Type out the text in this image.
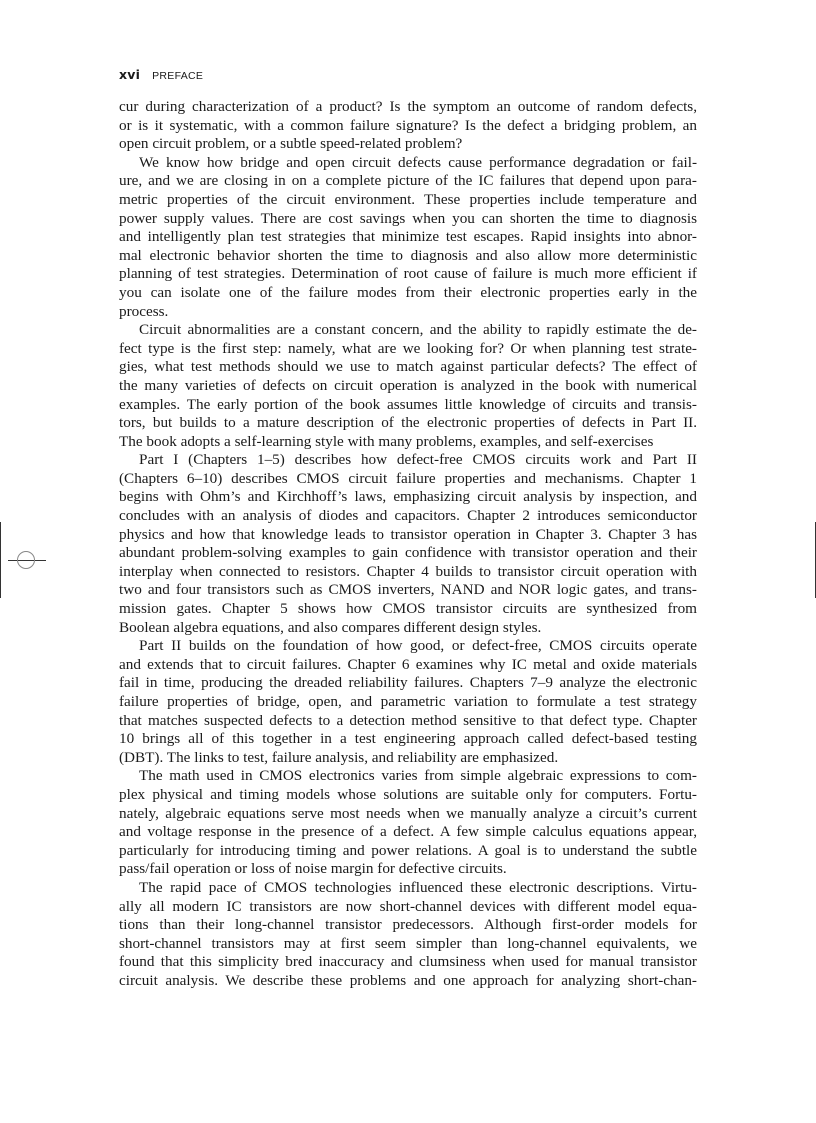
xvi PREFACE
cur during characterization of a product? Is the symptom an outcome of random defects,
or is it systematic, with a common failure signature? Is the defect a bridging problem, an
open circuit problem, or a subtle speed-related problem?
We know how bridge and open circuit defects cause performance degradation or fail-
ure, and we are closing in on a complete picture of the IC failures that depend upon para-
metric properties of the circuit environment. These properties include temperature and
power supply values. There are cost savings when you can shorten the time to diagnosis
and intelligently plan test strategies that minimize test escapes. Rapid insights into abnor-
mal electronic behavior shorten the time to diagnosis and also allow more deterministic
planning of test strategies. Determination of root cause of failure is much more efficient if
you can isolate one of the failure modes from their electronic properties early in the
process.
Circuit abnormalities are a constant concern, and the ability to rapidly estimate the de-
fect type is the first step: namely, what are we looking for? Or when planning test strate-
gies, what test methods should we use to match against particular defects? The effect of
the many varieties of defects on circuit operation is analyzed in the book with numerical
examples. The early portion of the book assumes little knowledge of circuits and transis-
tors, but builds to a mature description of the electronic properties of defects in Part II.
The book adopts a self-learning style with many problems, examples, and self-exercises
Part I (Chapters 1–5) describes how defect-free CMOS circuits work and Part II
(Chapters 6–10) describes CMOS circuit failure properties and mechanisms. Chapter 1
begins with Ohm’s and Kirchhoff’s laws, emphasizing circuit analysis by inspection, and
concludes with an analysis of diodes and capacitors. Chapter 2 introduces semiconductor
physics and how that knowledge leads to transistor operation in Chapter 3. Chapter 3 has
abundant problem-solving examples to gain confidence with transistor operation and their
interplay when connected to resistors. Chapter 4 builds to transistor circuit operation with
two and four transistors such as CMOS inverters, NAND and NOR logic gates, and trans-
mission gates. Chapter 5 shows how CMOS transistor circuits are synthesized from
Boolean algebra equations, and also compares different design styles.
Part II builds on the foundation of how good, or defect-free, CMOS circuits operate
and extends that to circuit failures. Chapter 6 examines why IC metal and oxide materials
fail in time, producing the dreaded reliability failures. Chapters 7–9 analyze the electronic
failure properties of bridge, open, and parametric variation to formulate a test strategy
that matches suspected defects to a detection method sensitive to that defect type. Chapter
10 brings all of this together in a test engineering approach called defect-based testing
(DBT). The links to test, failure analysis, and reliability are emphasized.
The math used in CMOS electronics varies from simple algebraic expressions to com-
plex physical and timing models whose solutions are suitable only for computers. Fortu-
nately, algebraic equations serve most needs when we manually analyze a circuit’s current
and voltage response in the presence of a defect. A few simple calculus equations appear,
particularly for introducing timing and power relations. A goal is to understand the subtle
pass/fail operation or loss of noise margin for defective circuits.
The rapid pace of CMOS technologies influenced these electronic descriptions. Virtu-
ally all modern IC transistors are now short-channel devices with different model equa-
tions than their long-channel transistor predecessors. Although first-order models for
short-channel transistors may at first seem simpler than long-channel equivalents, we
found that this simplicity bred inaccuracy and clumsiness when used for manual transistor
circuit analysis. We describe these problems and one approach for analyzing short-chan-
